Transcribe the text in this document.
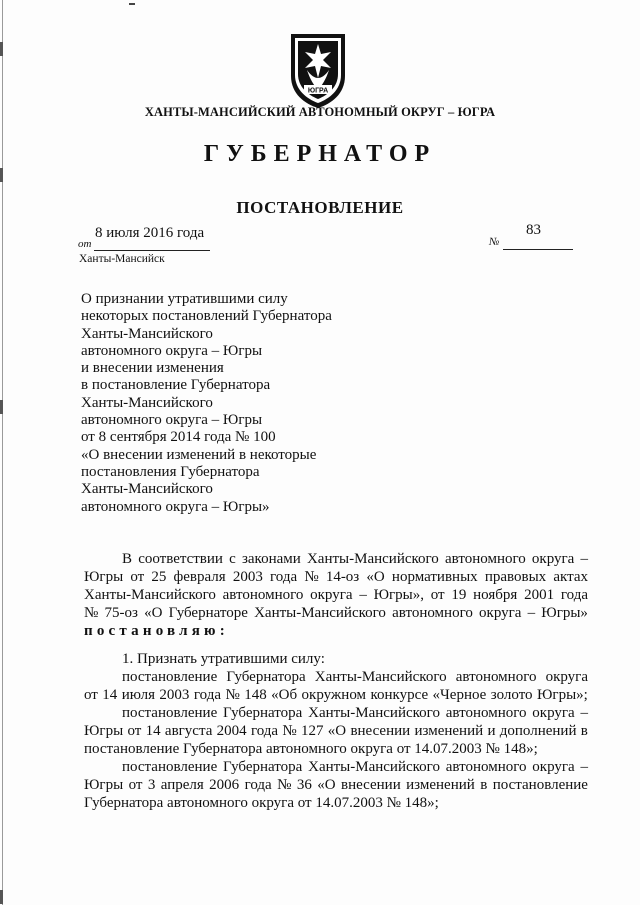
ЮГРА
ХАНТЫ-МАНСИЙСКИЙ АВТОНОМНЫЙ ОКРУГ – ЮГРА
ГУБЕРНАТОР
ПОСТАНОВЛЕНИЕ
8 июля 2016 года
от
83
№
Ханты-Мансийск
О признании утратившими силу
некоторых постановлений Губернатора
Ханты-Мансийского
автономного округа – Югры
и внесении изменения
в постановление Губернатора
Ханты-Мансийского
автономного округа – Югры
от 8 сентября 2014 года № 100
«О внесении изменений в некоторые
постановления Губернатора
Ханты-Мансийского
автономного округа – Югры»
В соответствии с законами Ханты-Мансийского автономного округа –
Югры от 25 февраля 2003 года № 14-оз «О нормативных правовых актах
Ханты-Мансийского автономного округа – Югры», от 19 ноября 2001 года
№ 75-оз «О Губернаторе Ханты-Мансийского автономного округа – Югры»
постановляю:
1. Признать утратившими силу:
постановление Губернатора Ханты-Мансийского автономного округа
от 14 июля 2003 года № 148 «Об окружном конкурсе «Черное золото Югры»;
постановление Губернатора Ханты-Мансийского автономного округа –
Югры от 14 августа 2004 года № 127 «О внесении изменений и дополнений в
постановление Губернатора автономного округа от 14.07.2003 № 148»;
постановление Губернатора Ханты-Мансийского автономного округа –
Югры от 3 апреля 2006 года № 36 «О внесении изменений в постановление
Губернатора автономного округа от 14.07.2003 № 148»;
